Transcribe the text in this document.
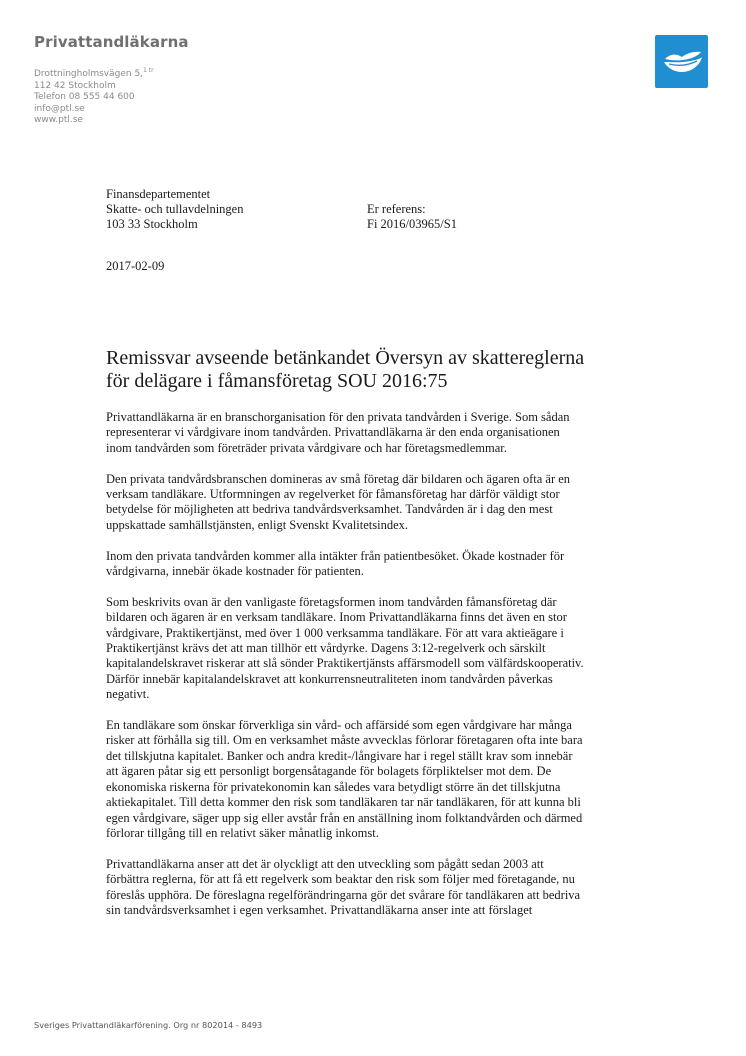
Privattandläkarna
Drottningholmsvägen 5,$^{1 tr}$
112 42 Stockholm
Telefon 08 555 44 600
info@ptl.se
www.ptl.se
Finansdepartementet
Skatte- och tullavdelningen
103 33 Stockholm
Er referens:
Fi 2016/03965/S1
2017-02-09
Remissvar avseende betänkandet Översyn av skattereglerna
för delägare i fåmansföretag SOU 2016:75

Privattandläkarna är en branschorganisation för den privata tandvården i Sverige. Som sådan
representerar vi vårdgivare inom tandvården. Privattandläkarna är den enda organisationen
inom tandvården som företräder privata vårdgivare och har företagsmedlemmar.

Den privata tandvårdsbranschen domineras av små företag där bildaren och ägaren ofta är en
verksam tandläkare. Utformningen av regelverket för fåmansföretag har därför väldigt stor
betydelse för möjligheten att bedriva tandvårdsverksamhet. Tandvården är i dag den mest
uppskattade samhällstjänsten, enligt Svenskt Kvalitetsindex.

Inom den privata tandvården kommer alla intäkter från patientbesöket. Ökade kostnader för
vårdgivarna, innebär ökade kostnader för patienten.

Som beskrivits ovan är den vanligaste företagsformen inom tandvården fåmansföretag där
bildaren och ägaren är en verksam tandläkare. Inom Privattandläkarna finns det även en stor
vårdgivare, Praktikertjänst, med över 1 000 verksamma tandläkare. För att vara aktieägare i
Praktikertjänst krävs det att man tillhör ett vårdyrke. Dagens 3:12-regelverk och särskilt
kapitalandelskravet riskerar att slå sönder Praktikertjänsts affärsmodell som välfärdskooperativ.
Därför innebär kapitalandelskravet att konkurrensneutraliteten inom tandvården påverkas
negativt.

En tandläkare som önskar förverkliga sin vård- och affärsidé som egen vårdgivare har många
risker att förhålla sig till. Om en verksamhet måste avvecklas förlorar företagaren ofta inte bara
det tillskjutna kapitalet. Banker och andra kredit-/långivare har i regel ställt krav som innebär
att ägaren påtar sig ett personligt borgensåtagande för bolagets förpliktelser mot dem. De
ekonomiska riskerna för privatekonomin kan således vara betydligt större än det tillskjutna
aktiekapitalet. Till detta kommer den risk som tandläkaren tar när tandläkaren, för att kunna bli
egen vårdgivare, säger upp sig eller avstår från en anställning inom folktandvården och därmed
förlorar tillgång till en relativt säker månatlig inkomst.

Privattandläkarna anser att det är olyckligt att den utveckling som pågått sedan 2003 att
förbättra reglerna, för att få ett regelverk som beaktar den risk som följer med företagande, nu
föreslås upphöra. De föreslagna regelförändringarna gör det svårare för tandläkaren att bedriva
sin tandvårdsverksamhet i egen verksamhet. Privattandläkarna anser inte att förslaget

Sveriges Privattandläkarförening. Org nr 802014 - 8493
